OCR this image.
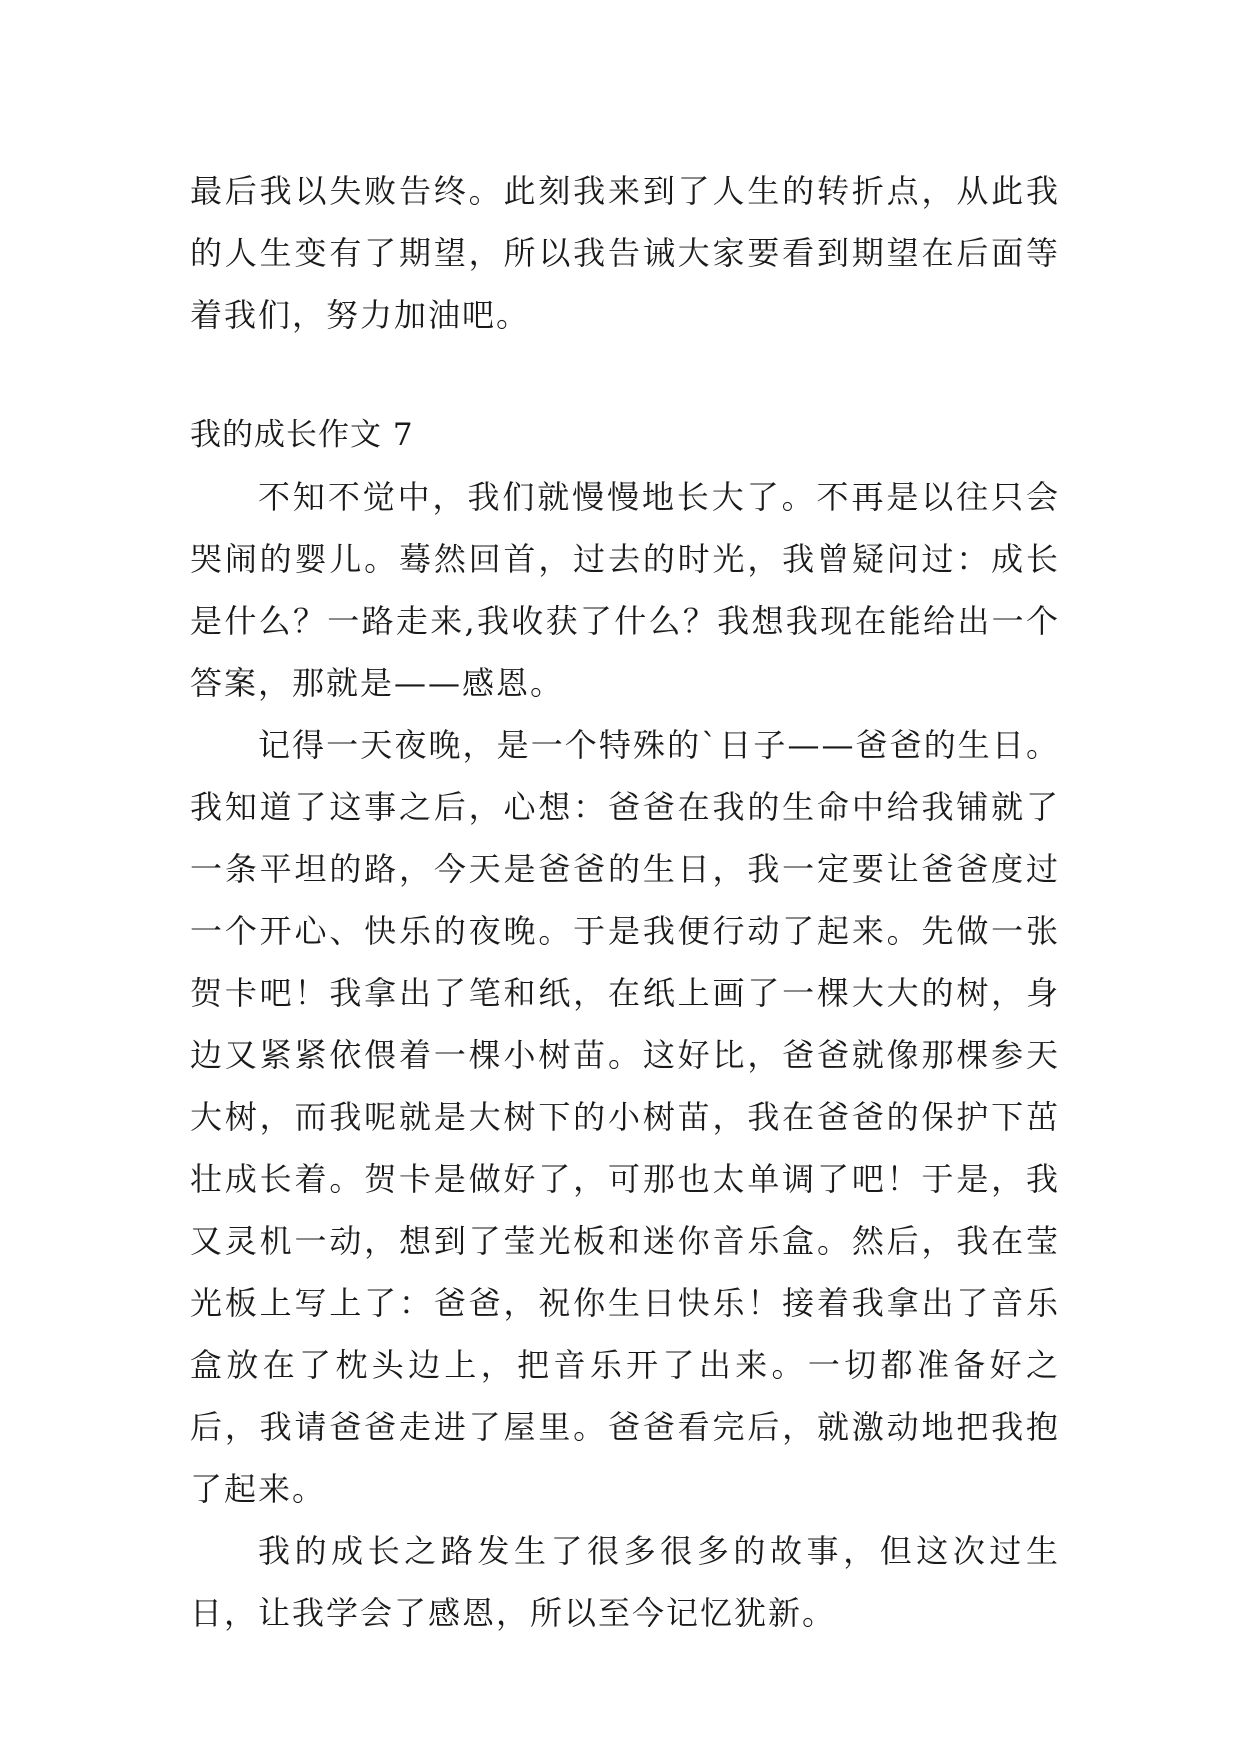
最后我以失败告终。此刻我来到了人生的转折点，从此我的人生变有了期望，所以我告诫大家要看到期望在后面等着我们，努力加油吧。

我的成长作文 7

不知不觉中，我们就慢慢地长大了。不再是以往只会哭闹的婴儿。蓦然回首，过去的时光，我曾疑问过：成长是什么？一路走来,我收获了什么？我想我现在能给出一个答案，那就是——感恩。

记得一天夜晚，是一个特殊的`日子——爸爸的生日。我知道了这事之后，心想：爸爸在我的生命中给我铺就了一条平坦的路，今天是爸爸的生日，我一定要让爸爸度过一个开心、快乐的夜晚。于是我便行动了起来。先做一张贺卡吧！我拿出了笔和纸，在纸上画了一棵大大的树，身边又紧紧依偎着一棵小树苗。这好比，爸爸就像那棵参天大树，而我呢就是大树下的小树苗，我在爸爸的保护下茁壮成长着。贺卡是做好了，可那也太单调了吧！于是，我又灵机一动，想到了莹光板和迷你音乐盒。然后，我在莹光板上写上了：爸爸，祝你生日快乐！接着我拿出了音乐盒放在了枕头边上，把音乐开了出来。一切都准备好之后，我请爸爸走进了屋里。爸爸看完后，就激动地把我抱了起来。

我的成长之路发生了很多很多的故事，但这次过生日，让我学会了感恩，所以至今记忆犹新。
